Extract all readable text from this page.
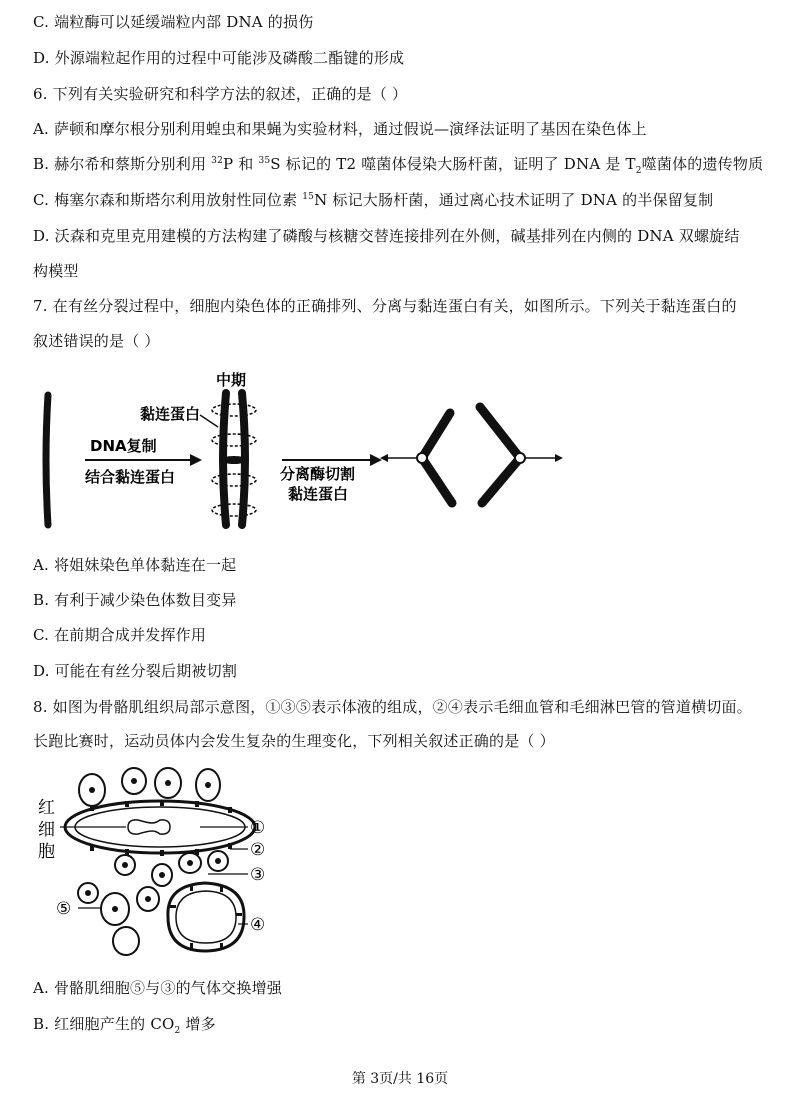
C. 端粒酶可以延缓端粒内部 DNA 的损伤
D. 外源端粒起作用的过程中可能涉及磷酸二酯键的形成
6. 下列有关实验研究和科学方法的叙述，正确的是（ ）
A. 萨顿和摩尔根分别利用蝗虫和果蝇为实验材料，通过假说—演绎法证明了基因在染色体上
B. 赫尔希和蔡斯分别利用 $^{32}$P 和 $^{35}$S 标记的 T2 噬菌体侵染大肠杆菌，证明了 DNA 是 $T_2$噬菌体的遗传物质
C. 梅塞尔森和斯塔尔利用放射性同位素 $^{15}$N 标记大肠杆菌，通过离心技术证明了 DNA 的半保留复制
D. 沃森和克里克用建模的方法构建了磷酸与核糖交替连接排列在外侧，碱基排列在内侧的 DNA 双螺旋结
构模型
7. 在有丝分裂过程中，细胞内染色体的正确排列、分离与黏连蛋白有关，如图所示。下列关于黏连蛋白的
叙述错误的是（ ）
DNA复制
结合黏连蛋白
中期
黏连蛋白
分离酶切割
黏连蛋白
A. 将姐妹染色单体黏连在一起
B. 有利于减少染色体数目变异
C. 在前期合成并发挥作用
D. 可能在有丝分裂后期被切割
8. 如图为骨骼肌组织局部示意图，①③⑤表示体液的组成，②④表示毛细血管和毛细淋巴管的管道横切面。
长跑比赛时，运动员体内会发生复杂的生理变化，下列相关叙述正确的是（ ）
红
细
胞
①
②
③
④
⑤
A. 骨骼肌细胞⑤与③的气体交换增强
B. 红细胞产生的 $CO_2$ 增多
第 3页/共 16页
